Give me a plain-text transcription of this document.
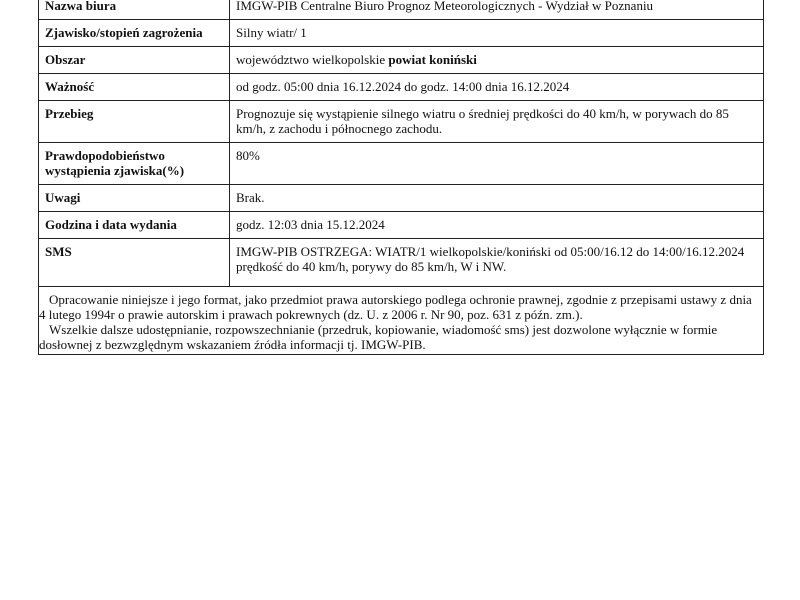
Nazwa biura	IMGW-PIB Centralne Biuro Prognoz Meteorologicznych - Wydział w Poznaniu
Zjawisko/stopień zagrożenia	Silny wiatr/ 1
Obszar	województwo wielkopolskie powiat koniński
Ważność	od godz. 05:00 dnia 16.12.2024 do godz. 14:00 dnia 16.12.2024
Przebieg	Prognozuje się wystąpienie silnego wiatru o średniej prędkości do 40 km/h, w porywach do 85 km/h, z zachodu i północnego zachodu.
Prawdopodobieństwo wystąpienia zjawiska(%)	80%
Uwagi	Brak.
Godzina i data wydania	godz. 12:03 dnia 15.12.2024
SMS	IMGW-PIB OSTRZEGA: WIATR/1 wielkopolskie/koniński od 05:00/16.12 do 14:00/16.12.2024 prędkość do 40 km/h, porywy do 85 km/h, W i NW.

Opracowanie niniejsze i jego format, jako przedmiot prawa autorskiego podlega ochronie prawnej, zgodnie z przepisami ustawy z dnia 4 lutego 1994r o prawie autorskim i prawach pokrewnych (dz. U. z 2006 r. Nr 90, poz. 631 z późn. zm.).

Wszelkie dalsze udostępnianie, rozpowszechnianie (przedruk, kopiowanie, wiadomość sms) jest dozwolone wyłącznie w formie dosłownej z bezwzględnym wskazaniem źródła informacji tj. IMGW-PIB.
